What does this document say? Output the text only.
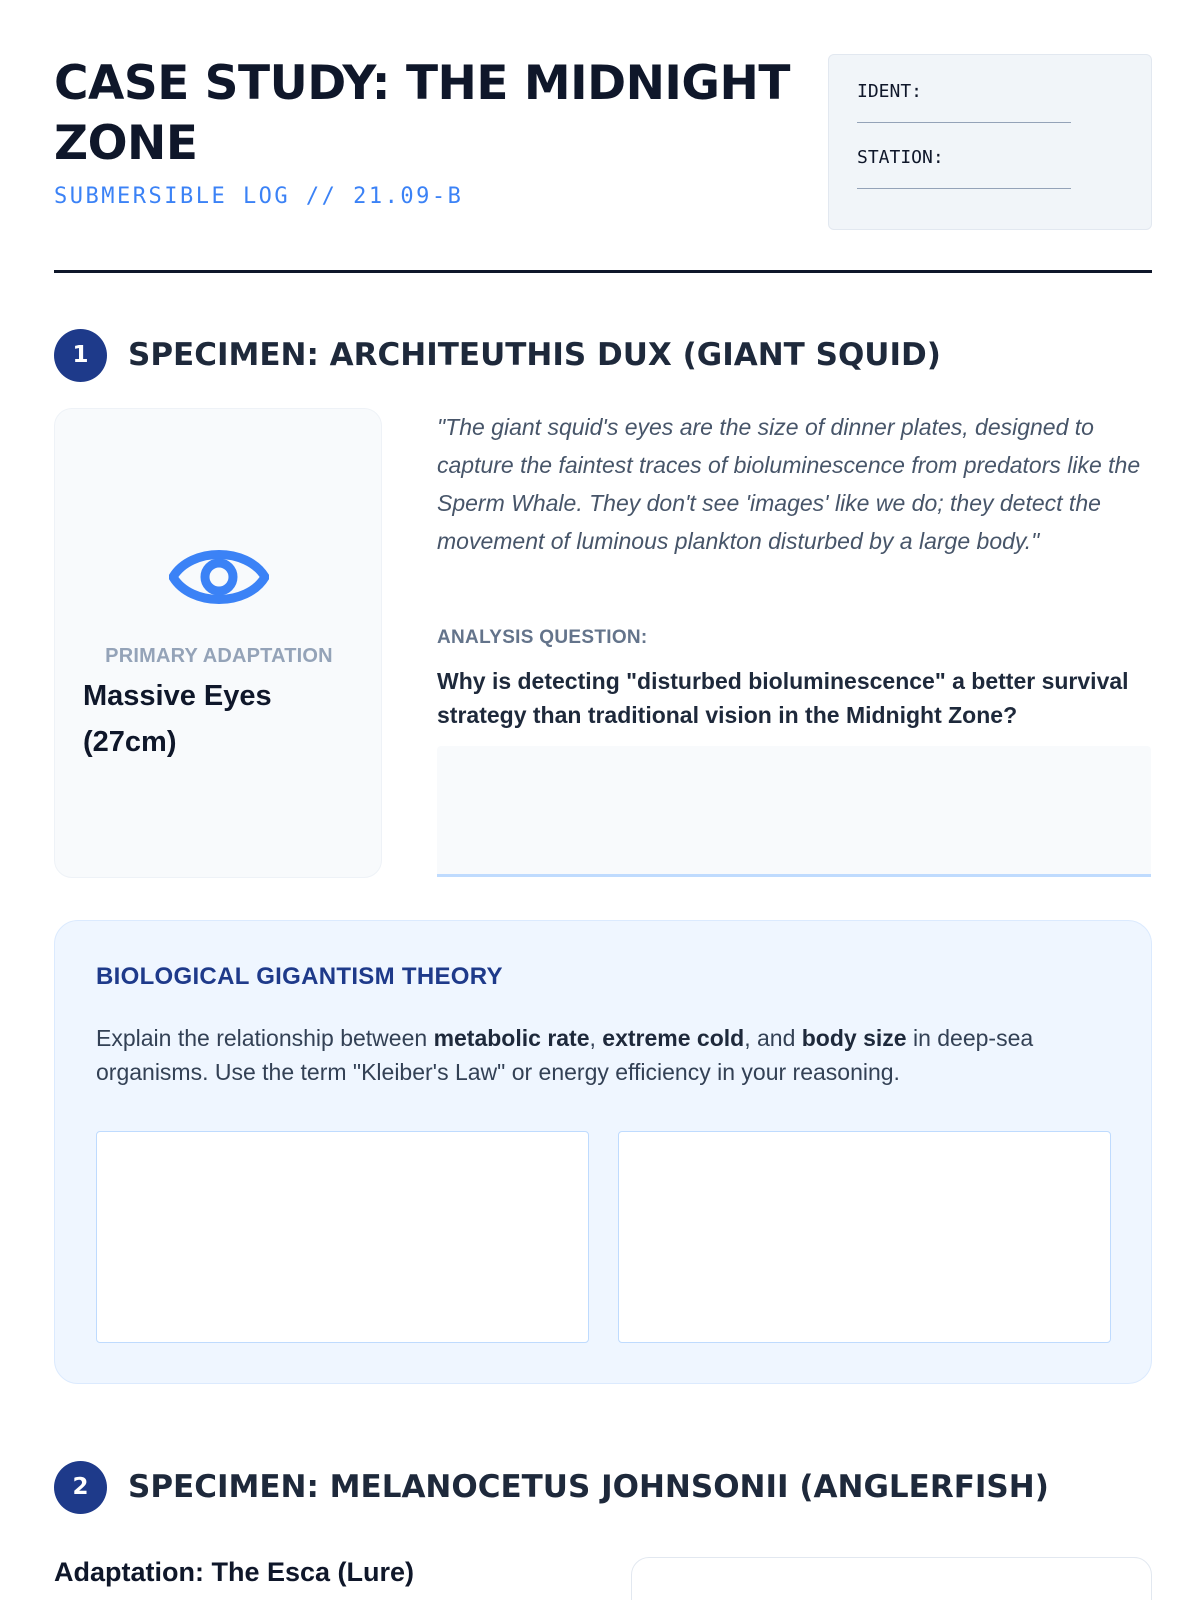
CASE STUDY: THE MIDNIGHT ZONE
SUBMERSIBLE LOG // 21.09-B
IDENT:
STATION:
1	SPECIMEN: ARCHITEUTHIS DUX (GIANT SQUID)
PRIMARY ADAPTATION
Massive Eyes (27cm)

"The giant squid's eyes are the size of dinner plates, designed to capture the faintest traces of bioluminescence from predators like the Sperm Whale. They don't see 'images' like we do; they detect the movement of luminous plankton disturbed by a large body."

ANALYSIS QUESTION:

Why is detecting "disturbed bioluminescence" a better survival strategy than traditional vision in the Midnight Zone?

BIOLOGICAL GIGANTISM THEORY

Explain the relationship between metabolic rate, extreme cold, and body size in deep-sea organisms. Use the term "Kleiber's Law" or energy efficiency in your reasoning.

2	SPECIMEN: MELANOCETUS JOHNSONII (ANGLERFISH)
Adaptation: The Esca (Lure)
